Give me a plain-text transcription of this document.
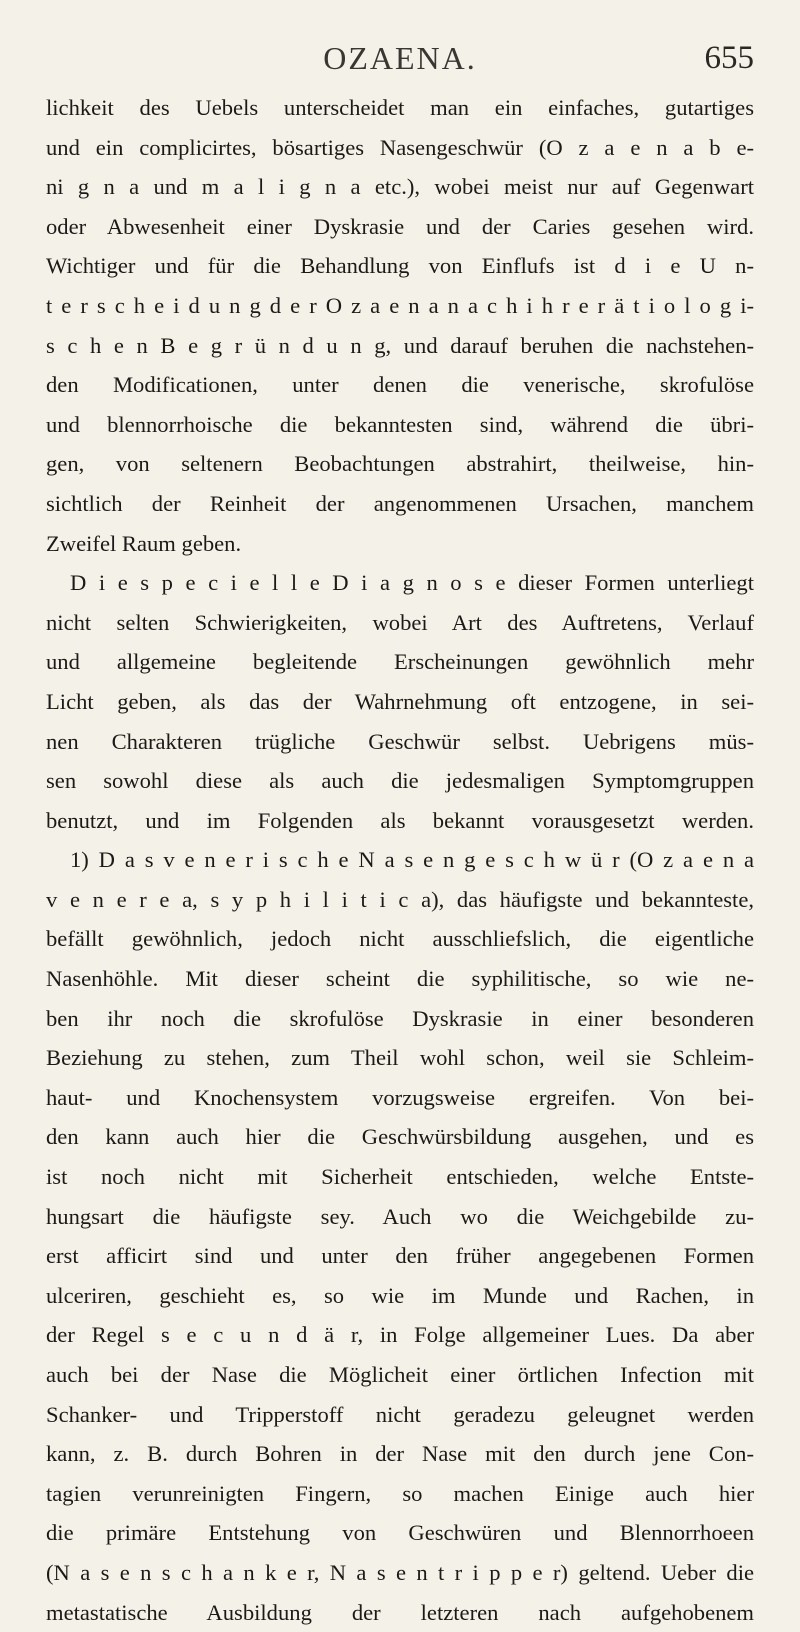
OZAENA.	655
lichkeit des Uebels unterscheidet man ein einfaches, gutartiges
und ein complicirtes, bösartiges Nasengeschwür (O z a e n a b e-
ni g n a und m a l i g n a etc.), wobei meist nur auf Gegenwart
oder Abwesenheit einer Dyskrasie und der Caries gesehen wird.
Wichtiger und für die Behandlung von Einflufs ist d i e U n-
t e r s c h e i d u n g d e r O z a e n a n a c h i h r e r ä t i o l o g i-
s c h e n B e g r ü n d u n g, und darauf beruhen die nachstehen-
den Modificationen, unter denen die venerische, skrofulöse
und blennorrhoische die bekanntesten sind, während die übri-
gen, von seltenern Beobachtungen abstrahirt, theilweise, hin-
sichtlich der Reinheit der angenommenen Ursachen, manchem
Zweifel Raum geben.
D i e s p e c i e l l e D i a g n o s e dieser Formen unterliegt
nicht selten Schwierigkeiten, wobei Art des Auftretens, Verlauf
und allgemeine begleitende Erscheinungen gewöhnlich mehr
Licht geben, als das der Wahrnehmung oft entzogene, in sei-
nen Charakteren trügliche Geschwür selbst. Uebrigens müs-
sen sowohl diese als auch die jedesmaligen Symptomgruppen
benutzt, und im Folgenden als bekannt vorausgesetzt werden.
1) D a s v e n e r i s c h e N a s e n g e s c h w ü r (O z a e n a
v e n e r e a, s y p h i l i t i c a), das häufigste und bekannteste,
befällt gewöhnlich, jedoch nicht ausschliefslich, die eigentliche
Nasenhöhle. Mit dieser scheint die syphilitische, so wie ne-
ben ihr noch die skrofulöse Dyskrasie in einer besonderen
Beziehung zu stehen, zum Theil wohl schon, weil sie Schleim-
haut- und Knochensystem vorzugsweise ergreifen. Von bei-
den kann auch hier die Geschwürsbildung ausgehen, und es
ist noch nicht mit Sicherheit entschieden, welche Entste-
hungsart die häufigste sey. Auch wo die Weichgebilde zu-
erst afficirt sind und unter den früher angegebenen Formen
ulceriren, geschieht es, so wie im Munde und Rachen, in
der Regel s e c u n d ä r, in Folge allgemeiner Lues. Da aber
auch bei der Nase die Möglicheit einer örtlichen Infection mit
Schanker- und Tripperstoff nicht geradezu geleugnet werden
kann, z. B. durch Bohren in der Nase mit den durch jene Con-
tagien verunreinigten Fingern, so machen Einige auch hier
die primäre Entstehung von Geschwüren und Blennorrhoeen
(N a s e n s c h a n k e r, N a s e n t r i p p e r) geltend. Ueber die
metastatische Ausbildung der letzteren nach aufgehobenem
